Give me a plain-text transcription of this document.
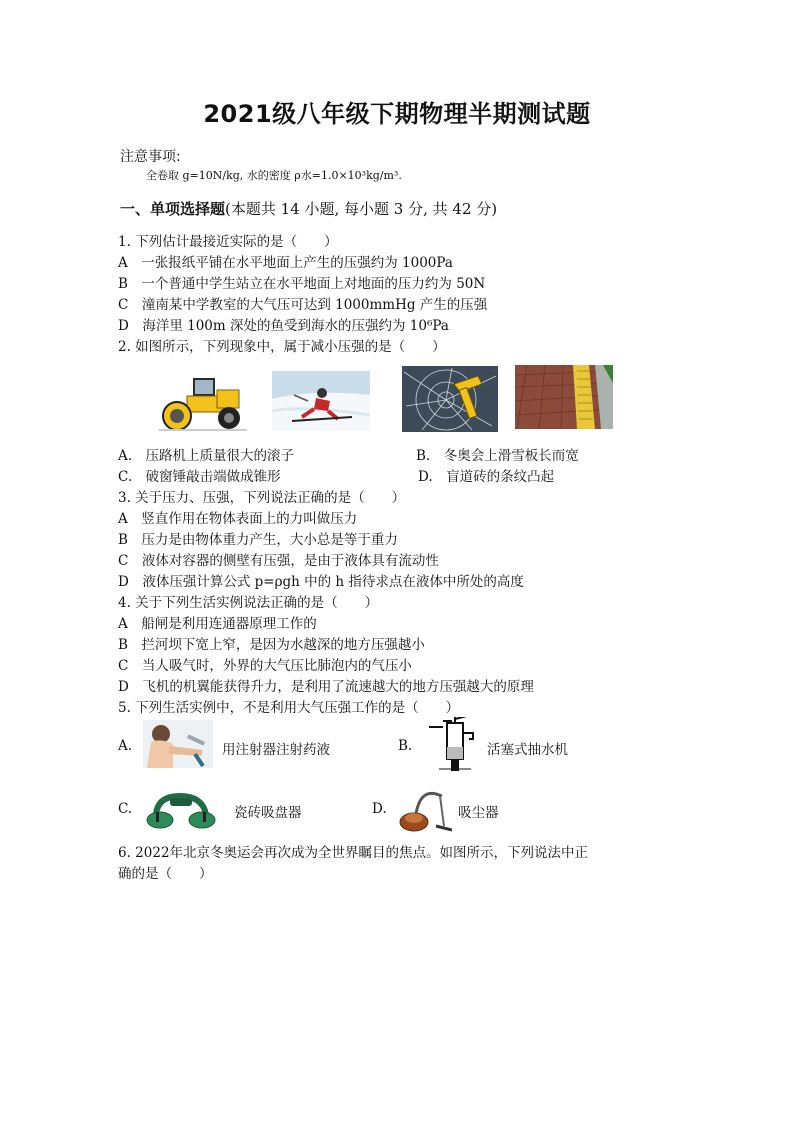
2021级八年级下期物理半期测试题
注意事项:
全卷取 g=10N/kg, 水的密度 ρ水=1.0×10³kg/m³.
一、单项选择题(本题共 14 小题, 每小题 3 分, 共 42 分)
1. 下列估计最接近实际的是（　　）
A　一张报纸平铺在水平地面上产生的压强约为 1000Pa
B　一个普通中学生站立在水平地面上对地面的压力约为 50N
C　潼南某中学教室的大气压可达到 1000mmHg 产生的压强
D　海洋里 100m 深处的鱼受到海水的压强约为 10⁶Pa
2. 如图所示，下列现象中，属于减小压强的是（　　）
A.　压路机上质量很大的滚子	B.　冬奥会上滑雪板长而宽
C.　破窗锤敲击端做成锥形	D.　盲道砖的条纹凸起
3. 关于压力、压强，下列说法正确的是（　　）
A　竖直作用在物体表面上的力叫做压力
B　压力是由物体重力产生，大小总是等于重力
C　液体对容器的侧壁有压强，是由于液体具有流动性
D　液体压强计算公式 p=ρgh 中的 h 指待求点在液体中所处的高度
4. 关于下列生活实例说法正确的是（　　）
A　船闸是利用连通器原理工作的
B　拦河坝下宽上窄，是因为水越深的地方压强越小
C　当人吸气时，外界的大气压比肺泡内的气压小
D　飞机的机翼能获得升力，是利用了流速越大的地方压强越大的原理
5. 下列生活实例中，不是利用大气压强工作的是（　　）
A.	用注射器注射药液	B.	活塞式抽水机
C.	瓷砖吸盘器	D.	吸尘器
6. 2022年北京冬奥运会再次成为全世界瞩目的焦点。如图所示，下列说法中正
确的是（　　）
